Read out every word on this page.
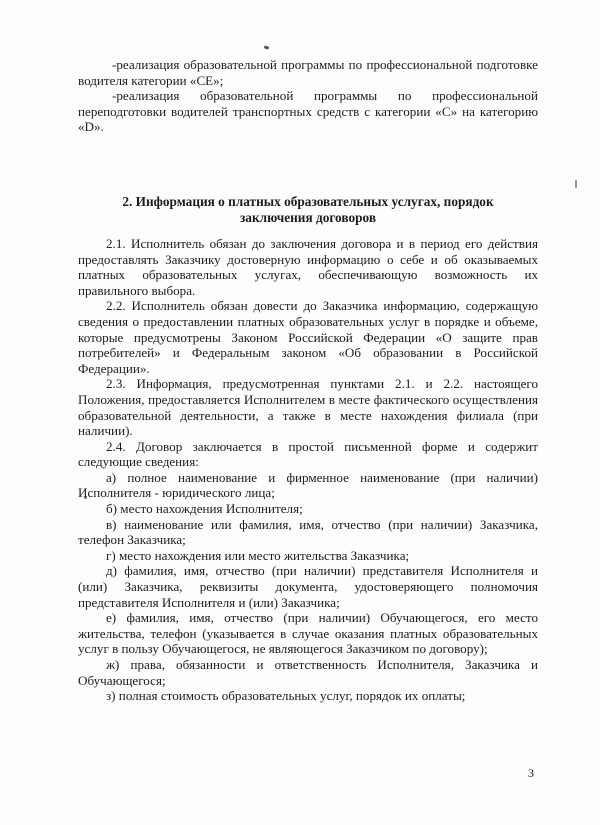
-реализация образовательной программы по профессиональной подготовке водителя категории «CE»;

-реализация образовательной программы по профессиональной переподготовки водителей транспортных средств с категории «C» на категорию «D».

2. Информация о платных образовательных услугах, порядок заключения договоров

2.1. Исполнитель обязан до заключения договора и в период его действия предоставлять Заказчику достоверную информацию о себе и об оказываемых платных образовательных услугах, обеспечивающую возможность их правильного выбора.

2.2. Исполнитель обязан довести до Заказчика информацию, содержащую сведения о предоставлении платных образовательных услуг в порядке и объеме, которые предусмотрены Законом Российской Федерации «О защите прав потребителей» и Федеральным законом «Об образовании в Российской Федерации».

2.3. Информация, предусмотренная пунктами 2.1. и 2.2. настоящего Положения, предоставляется Исполнителем в месте фактического осуществления образовательной деятельности, а также в месте нахождения филиала (при наличии).

2.4. Договор заключается в простой письменной форме и содержит следующие сведения:

а) полное наименование и фирменное наименование (при наличии) Исполнителя - юридического лица;

б) место нахождения Исполнителя;

в) наименование или фамилия, имя, отчество (при наличии) Заказчика, телефон Заказчика;

г) место нахождения или место жительства Заказчика;

д) фамилия, имя, отчество (при наличии) представителя Исполнителя и (или) Заказчика, реквизиты документа, удостоверяющего полномочия представителя Исполнителя и (или) Заказчика;

е) фамилия, имя, отчество (при наличии) Обучающегося, его место жительства, телефон (указывается в случае оказания платных образовательных услуг в пользу Обучающегося, не являющегося Заказчиком по договору);

ж) права, обязанности и ответственность Исполнителя, Заказчика и Обучающегося;

з) полная стоимость образовательных услуг, порядок их оплаты;

3
